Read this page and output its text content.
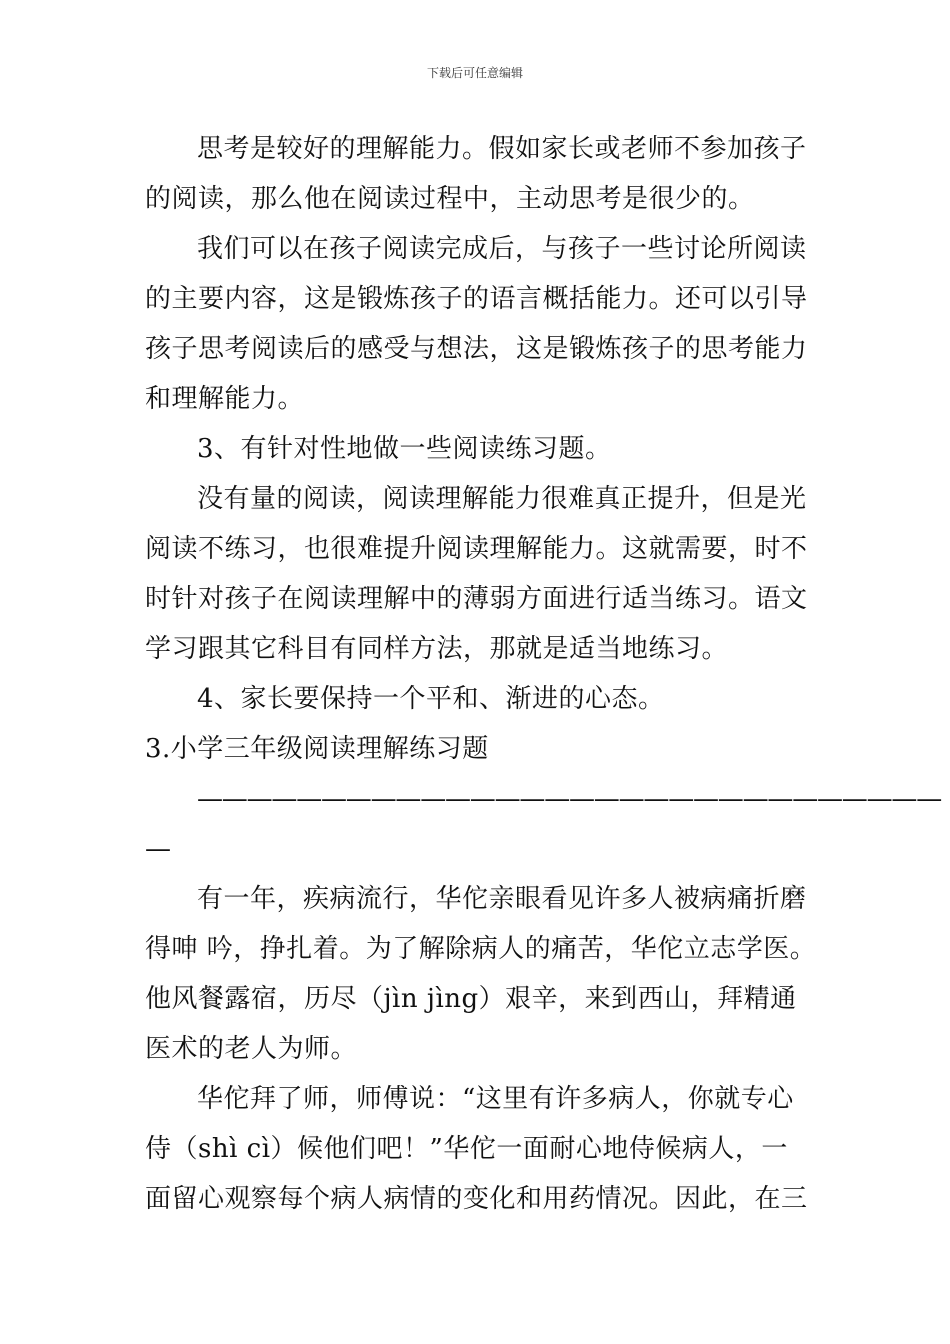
下载后可任意编辑
思考是较好的理解能力。假如家长或老师不参加孩子
的阅读，那么他在阅读过程中，主动思考是很少的。
我们可以在孩子阅读完成后，与孩子一些讨论所阅读
的主要内容，这是锻炼孩子的语言概括能力。还可以引导
孩子思考阅读后的感受与想法，这是锻炼孩子的思考能力
和理解能力。
3、有针对性地做一些阅读练习题。
没有量的阅读，阅读理解能力很难真正提升，但是光
阅读不练习，也很难提升阅读理解能力。这就需要，时不
时针对孩子在阅读理解中的薄弱方面进行适当练习。语文
学习跟其它科目有同样方法，那就是适当地练习。
4、家长要保持一个平和、渐进的心态。
3.小学三年级阅读理解练习题
——————————————————————————————
—
有一年，疾病流行，华佗亲眼看见许多人被病痛折磨
得呻 吟，挣扎着。为了解除病人的痛苦，华佗立志学医。
他风餐露宿，历尽（jìn jìng）艰辛，来到西山，拜精通
医术的老人为师。
华佗拜了师，师傅说：“这里有许多病人，你就专心
侍（shì cì）候他们吧！”华佗一面耐心地侍候病人，一
面留心观察每个病人病情的变化和用药情况。因此，在三
